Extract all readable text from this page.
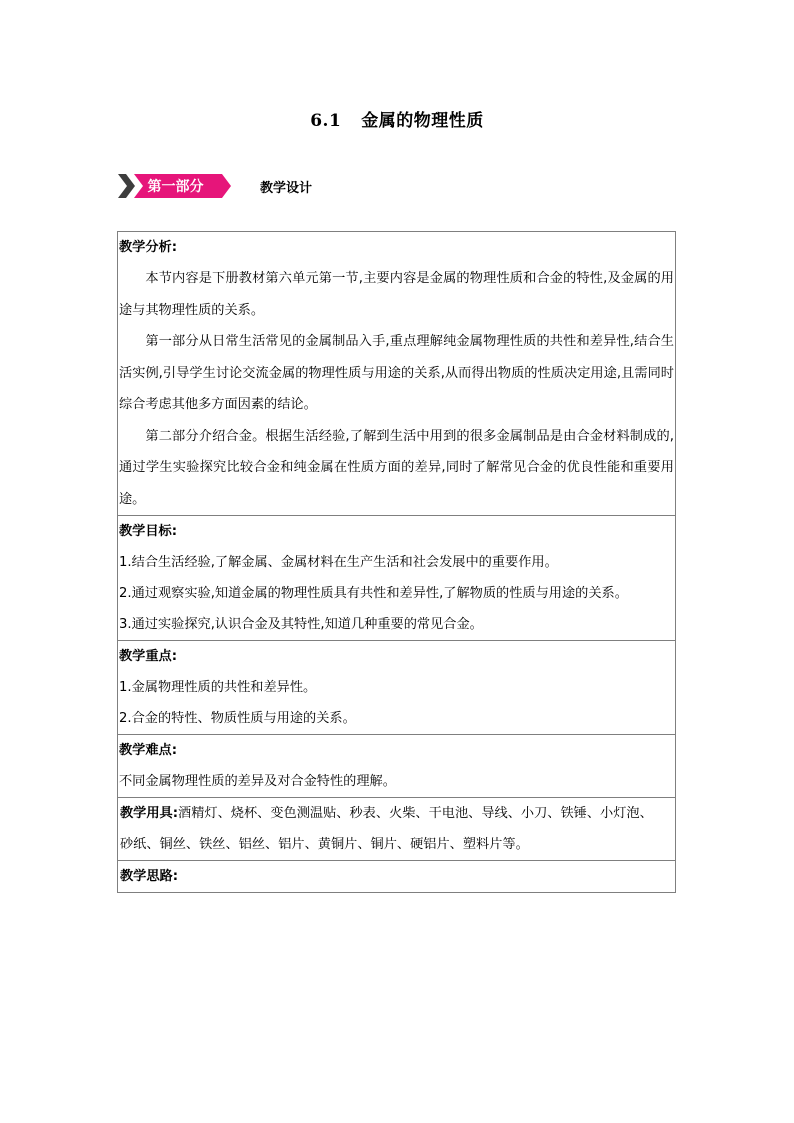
6.1 金属的物理性质
第一部分	教学设计
教学分析:

本节内容是下册教材第六单元第一节,主要内容是金属的物理性质和合金的特性,及金属的用途与其物理性质的关系。

第一部分从日常生活常见的金属制品入手,重点理解纯金属物理性质的共性和差异性,结合生活实例,引导学生讨论交流金属的物理性质与用途的关系,从而得出物质的性质决定用途,且需同时综合考虑其他多方面因素的结论。

第二部分介绍合金。根据生活经验,了解到生活中用到的很多金属制品是由合金材料制成的,通过学生实验探究比较合金和纯金属在性质方面的差异,同时了解常见合金的优良性能和重要用途。

教学目标:
1.结合生活经验,了解金属、金属材料在生产生活和社会发展中的重要作用。
2.通过观察实验,知道金属的物理性质具有共性和差异性,了解物质的性质与用途的关系。
3.通过实验探究,认识合金及其特性,知道几种重要的常见合金。
教学重点:
1.金属物理性质的共性和差异性。
2.合金的特性、物质性质与用途的关系。
教学难点:
不同金属物理性质的差异及对合金特性的理解。
教学用具:酒精灯、烧杯、变色测温贴、秒表、火柴、干电池、导线、小刀、铁锤、小灯泡、
砂纸、铜丝、铁丝、铝丝、铝片、黄铜片、铜片、硬铝片、塑料片等。
教学思路:
